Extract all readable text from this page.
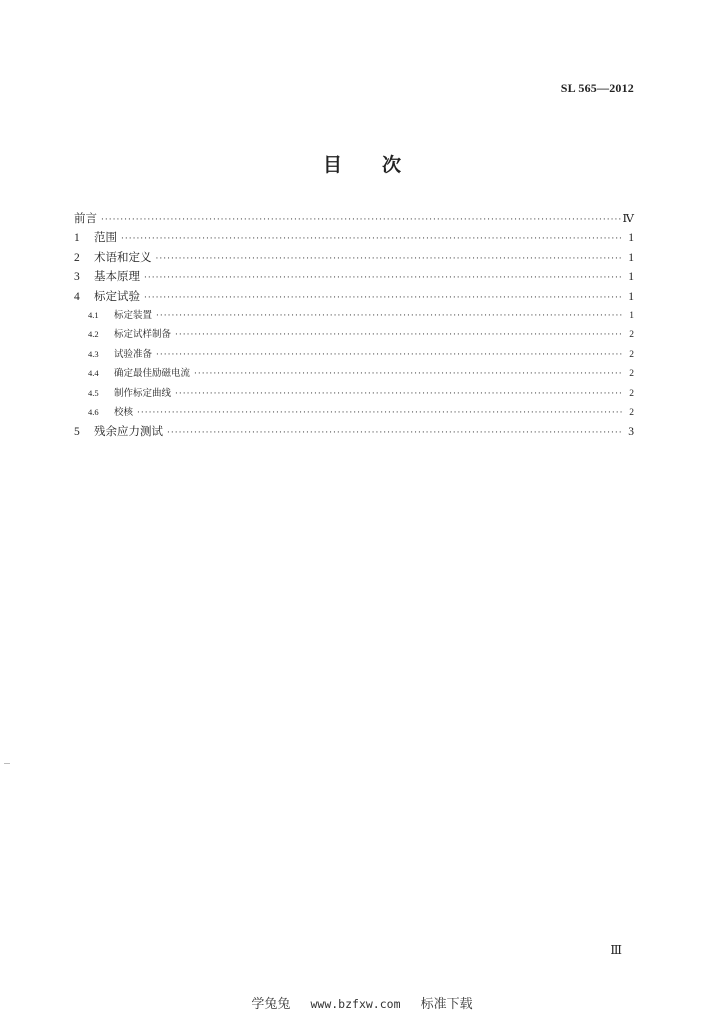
SL 565—2012
目 次
前言 ·····	Ⅳ
1	范围 ·····	1
2	术语和定义 ·····	1
3	基本原理 ·····	1
4	标定试验 ·····	1
4.1	标定装置 ·····	1
4.2	标定试样制备 ·····	2
4.3	试验准备 ·····	2
4.4	确定最佳励磁电流 ·····	2
4.5	制作标定曲线 ·····	2
4.6	校核 ·····	2
5	残余应力测试 ·····	3
Ⅲ
学兔兔 www.bzfxw.com 标准下载
